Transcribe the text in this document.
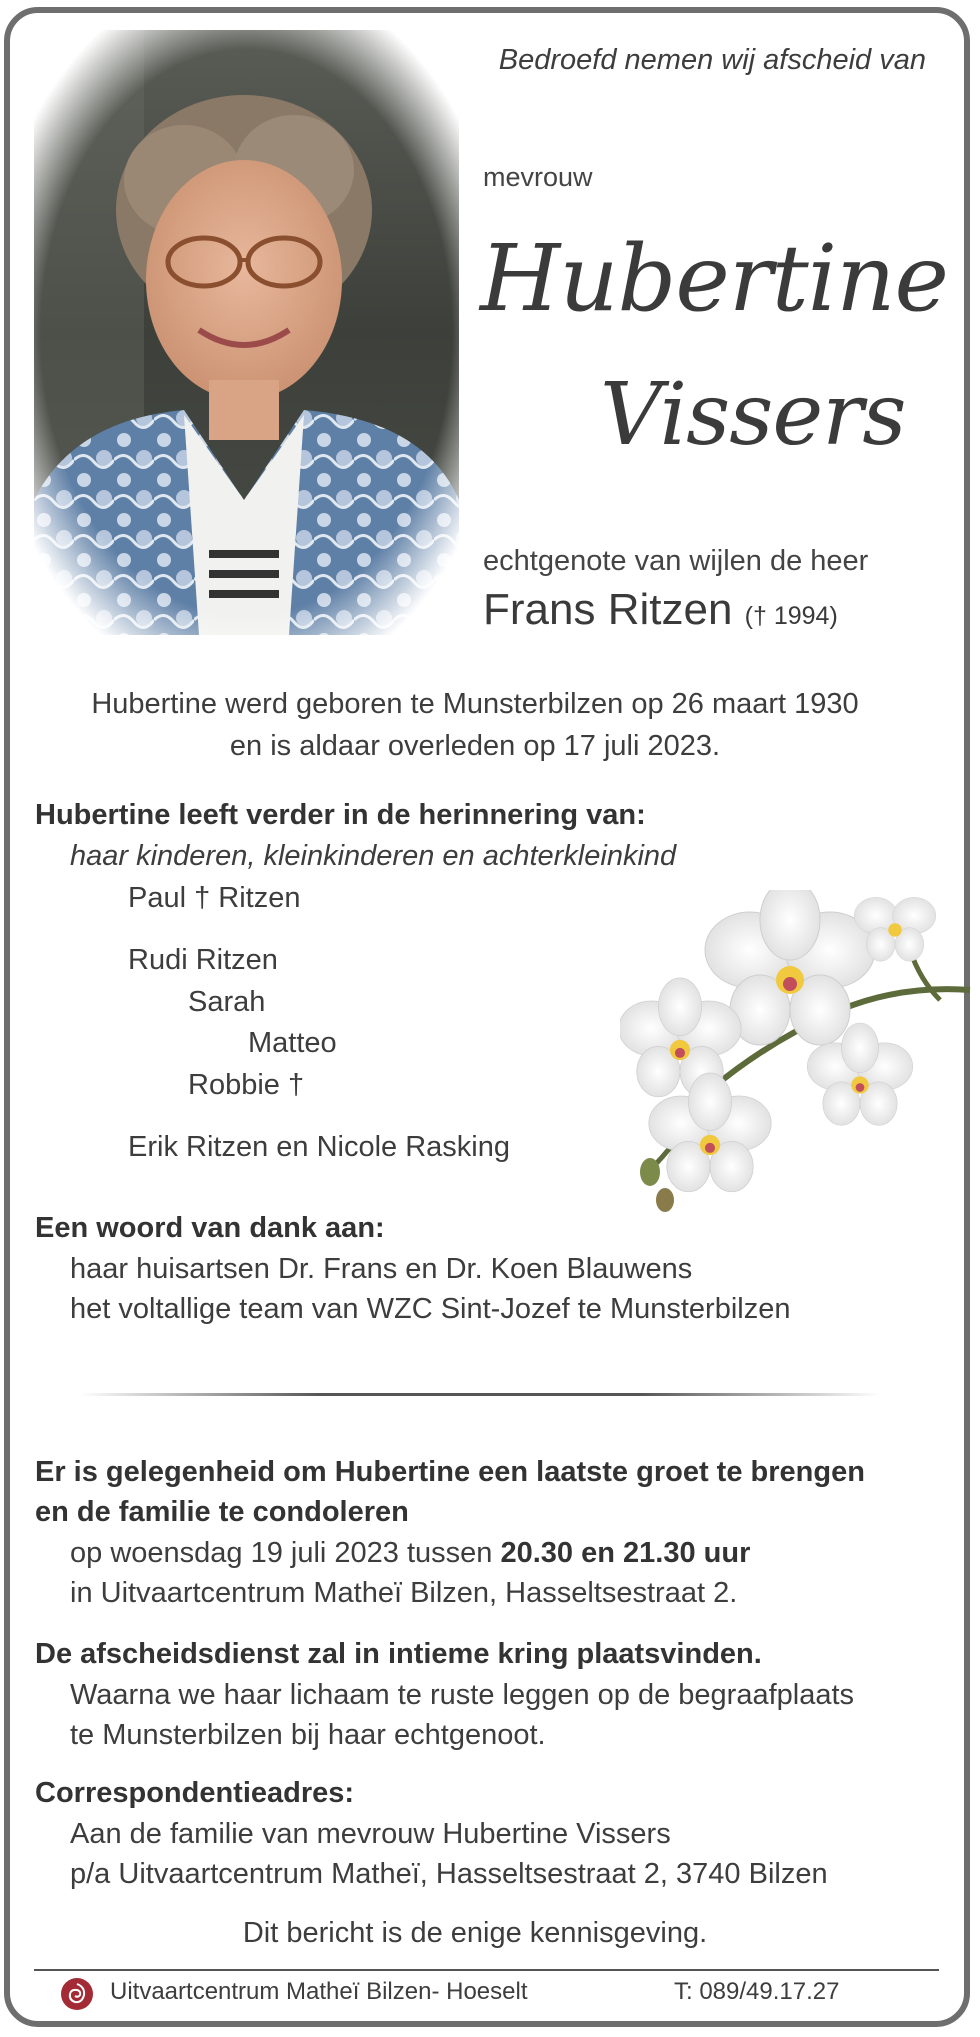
Bedroefd nemen wij afscheid van
mevrouw
Hubertine
Vissers
echtgenote van wijlen de heer
Frans Ritzen († 1994)
Hubertine werd geboren te Munsterbilzen op 26 maart 1930
en is aldaar overleden op 17 juli 2023.
Hubertine leeft verder in de herinnering van:
haar kinderen, kleinkinderen en achterkleinkind
Paul † Ritzen
Rudi Ritzen
Sarah
Matteo
Robbie †
Erik Ritzen en Nicole Rasking
Een woord van dank aan:
haar huisartsen Dr. Frans en Dr. Koen Blauwens
het voltallige team van WZC Sint-Jozef te Munsterbilzen
Er is gelegenheid om Hubertine een laatste groet te brengen
en de familie te condoleren
op woensdag 19 juli 2023 tussen 20.30 en 21.30 uur
in Uitvaartcentrum Matheï Bilzen, Hasseltsestraat 2.
De afscheidsdienst zal in intieme kring plaatsvinden.
Waarna we haar lichaam te ruste leggen op de begraafplaats
te Munsterbilzen bij haar echtgenoot.
Correspondentieadres:
Aan de familie van mevrouw Hubertine Vissers
p/a Uitvaartcentrum Matheï, Hasseltsestraat 2, 3740 Bilzen
Dit bericht is de enige kennisgeving.
Uitvaartcentrum Matheï Bilzen- Hoeselt	T: 089/49.17.27
